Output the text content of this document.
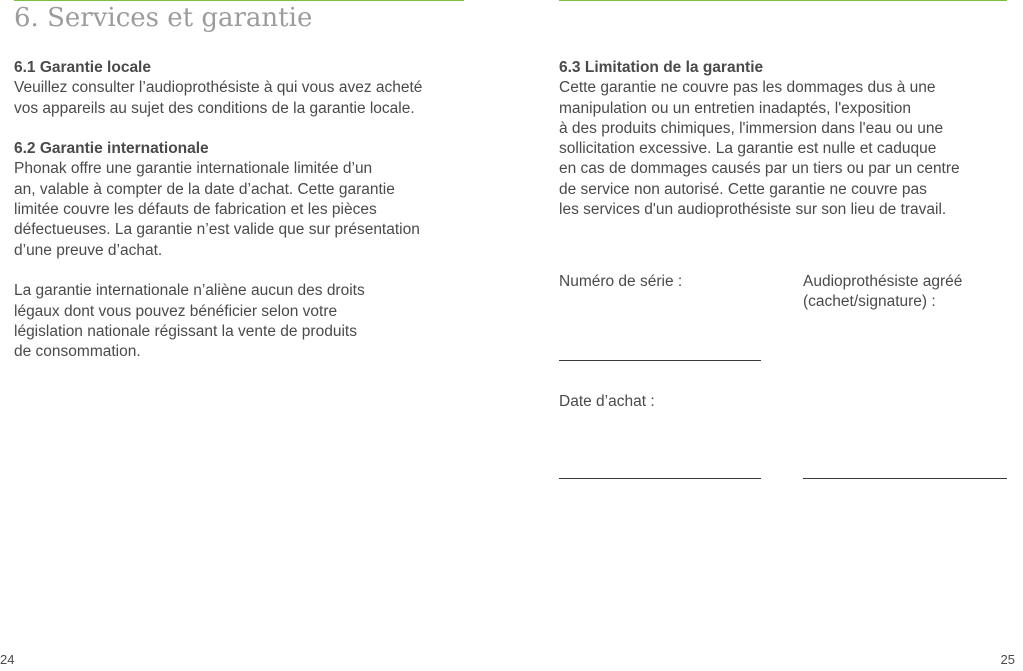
6. Services et garantie
6.1 Garantie locale
Veuillez consulter l’audioprothésiste à qui vous avez acheté
vos appareils au sujet des conditions de la garantie locale.
6.2 Garantie internationale
Phonak offre une garantie internationale limitée d’un
an, valable à compter de la date d’achat. Cette garantie
limitée couvre les défauts de fabrication et les pièces
défectueuses. La garantie n’est valide que sur présentation
d’une preuve d’achat.
La garantie internationale n’aliène aucun des droits
légaux dont vous pouvez bénéficier selon votre
législation nationale régissant la vente de produits
de consommation.
24
6.3 Limitation de la garantie
Cette garantie ne couvre pas les dommages dus à une
manipulation ou un entretien inadaptés, l'exposition
à des produits chimiques, l'immersion dans l'eau ou une
sollicitation excessive. La garantie est nulle et caduque
en cas de dommages causés par un tiers ou par un centre
de service non autorisé. Cette garantie ne couvre pas
les services d'un audioprothésiste sur son lieu de travail.
Numéro de série :	Audioprothésiste agréé
(cachet/signature) :
Date d’achat :
25
